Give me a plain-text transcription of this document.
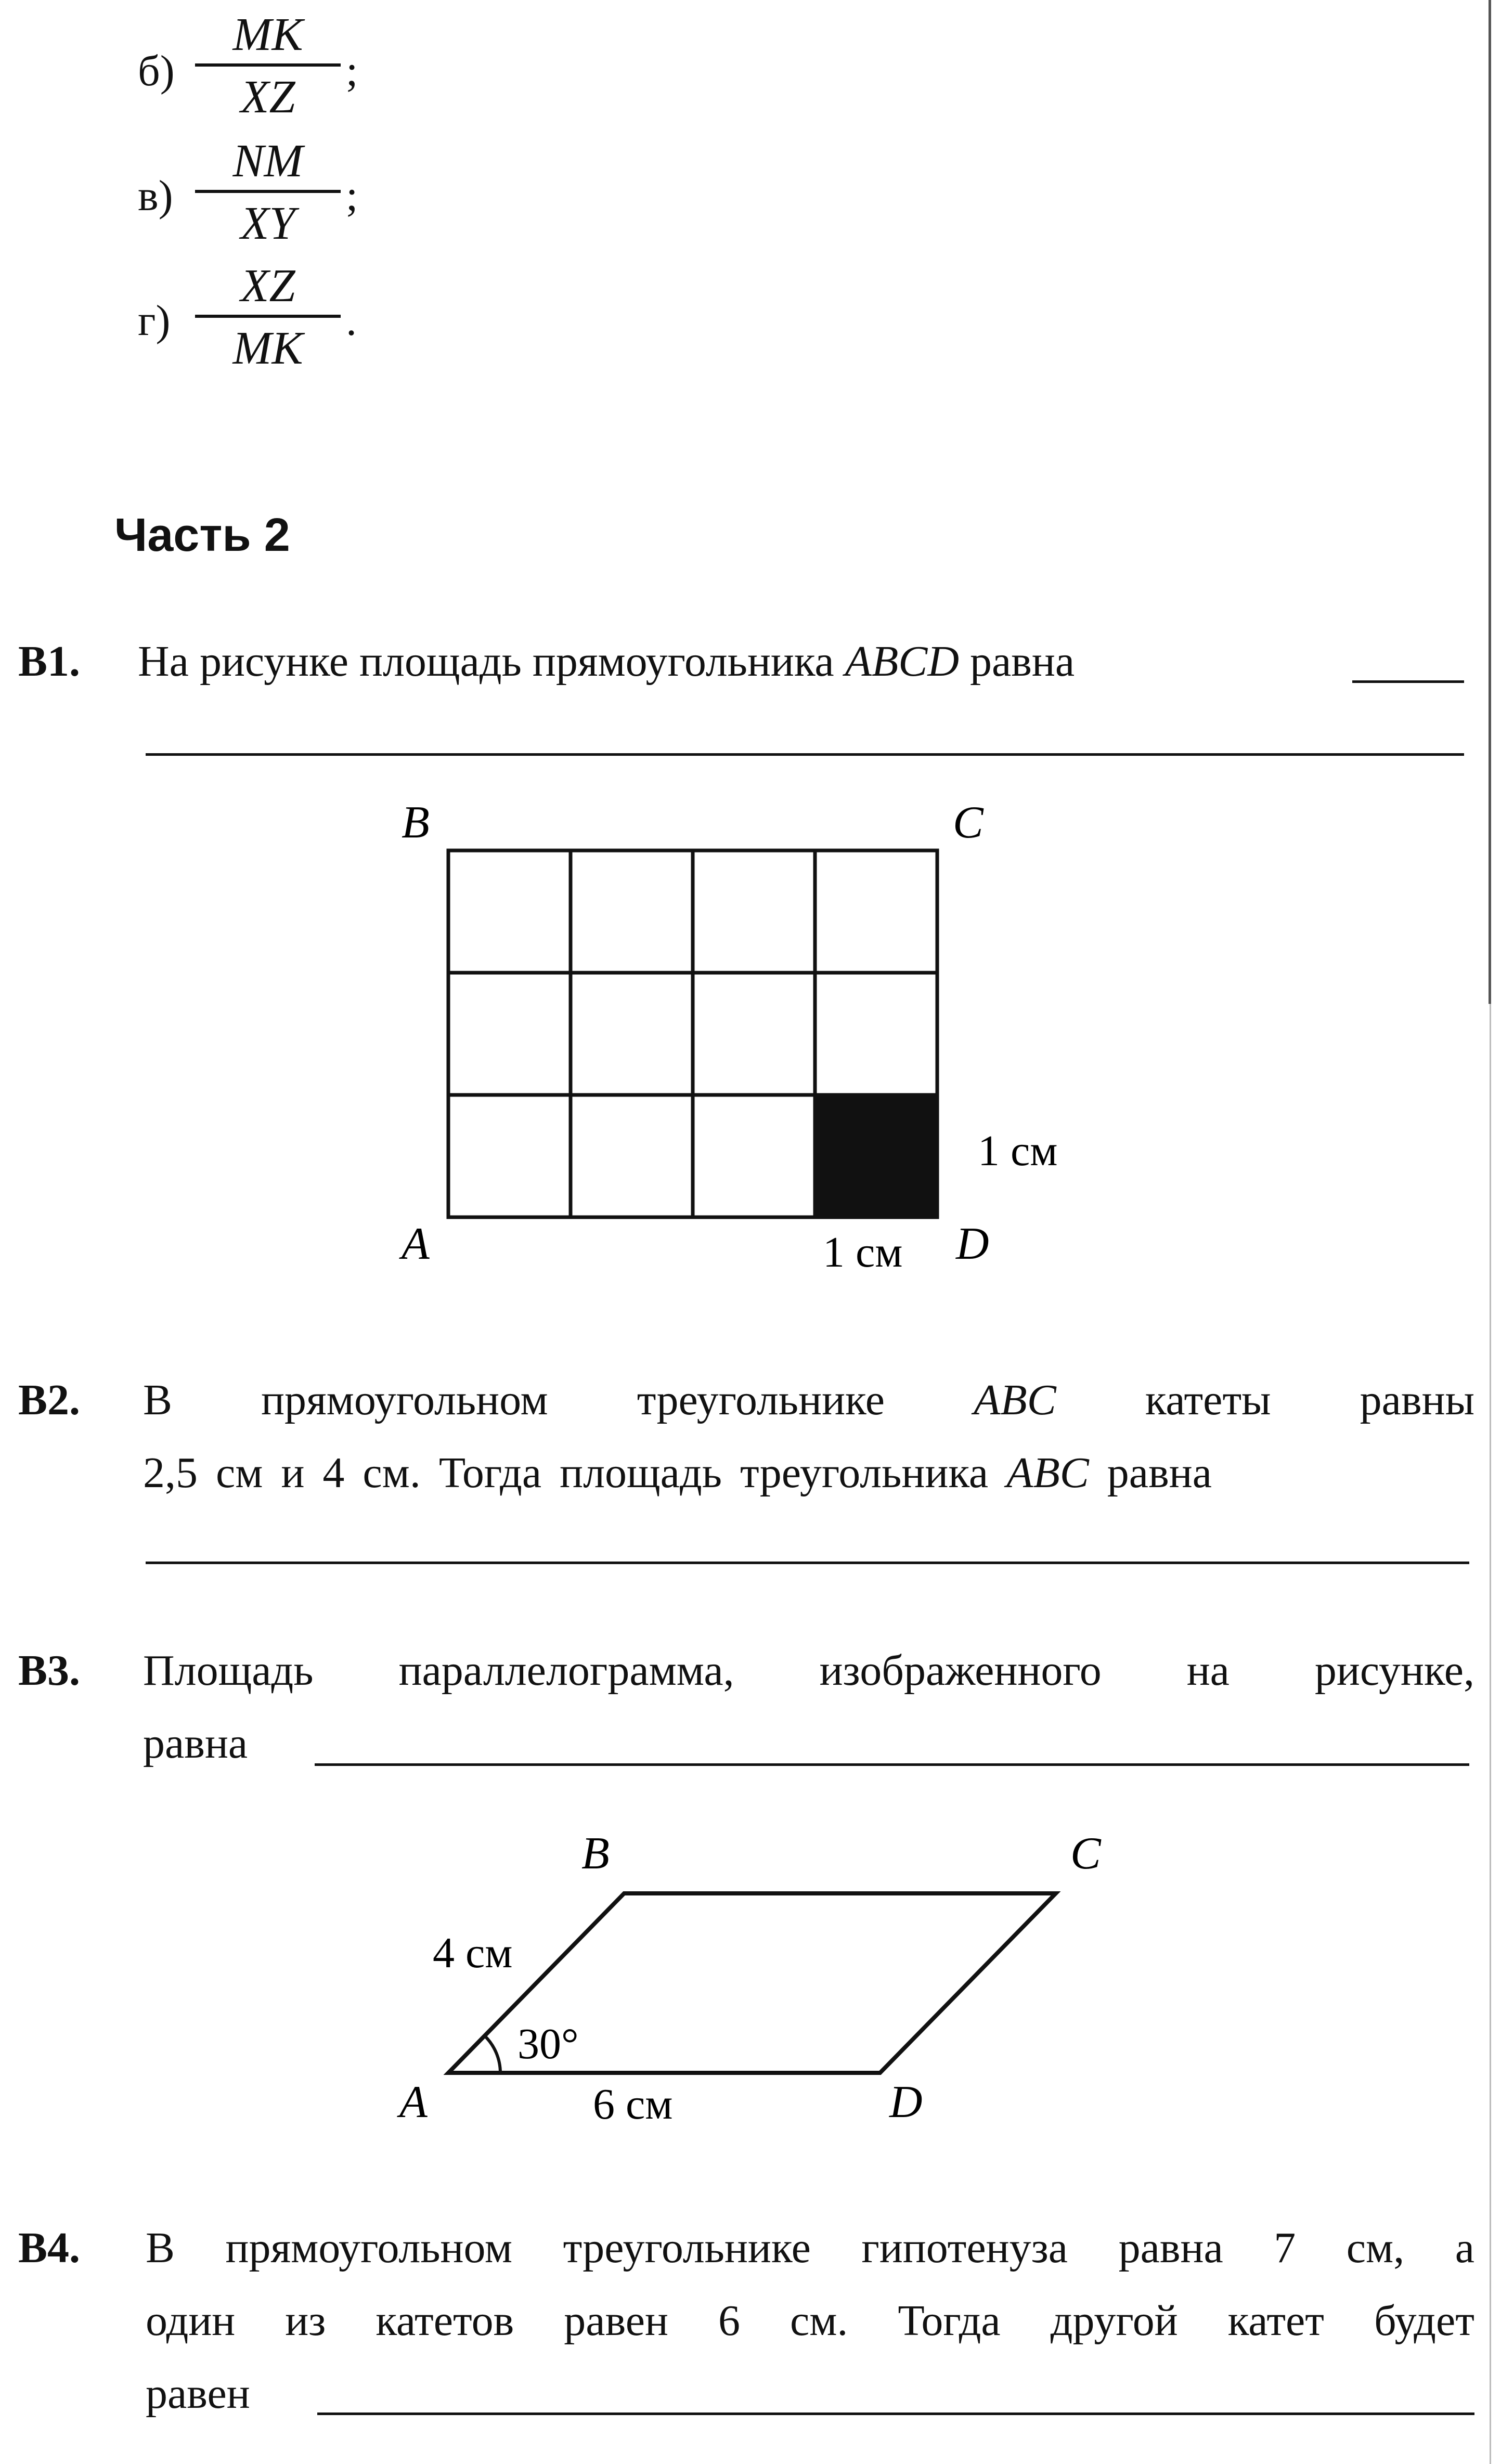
б)
MK
XZ
;
в)
NM
XY
;
г)
XZ
MK
.
Часть 2
В1. На рисунке площадь прямоугольника ABCD равна
B	C
A	D
1 см
1 см
В2. В прямоугольном треугольнике ABC катеты равны
2,5 см и 4 см. Тогда площадь треугольника ABC равна
В3. Площадь параллелограмма, изображенного на рисунке,
равна
B	C
A	D
4 см
30°
6 см
В4. В прямоугольном треугольнике гипотенуза равна 7 см, а
один из катетов равен 6 см. Тогда другой катет будет
равен
